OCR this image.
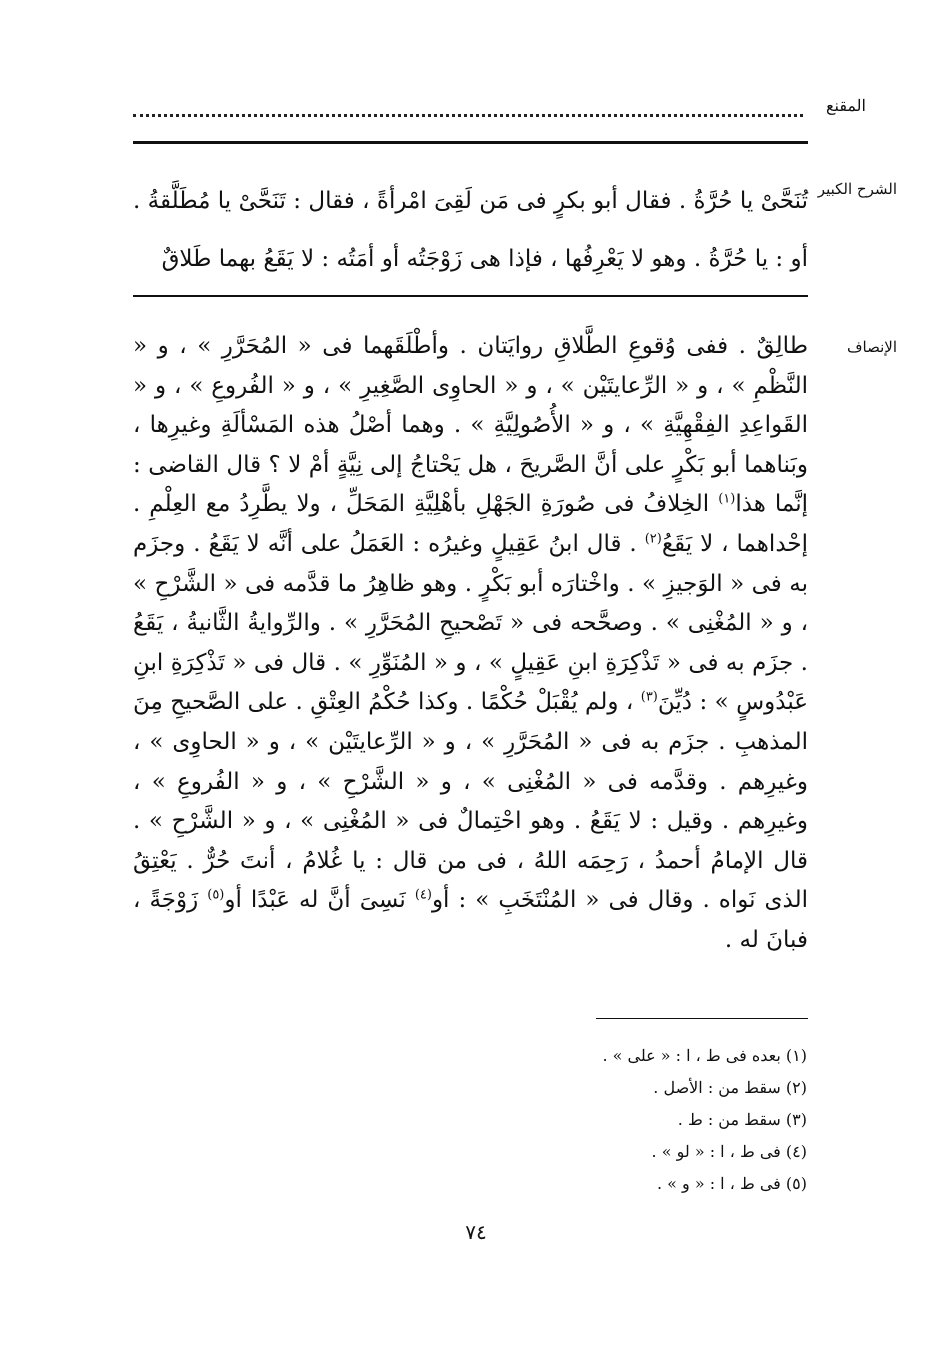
المقنع
الشرح الكبير

تُنَحَّىْ يا حُرَّةُ . فقال أبو بكرٍ فى مَن لَقِىَ امْرأةً ، فقال : تَنَحَّىْ يا مُطَلَّقةُ . أو : يا حُرَّةُ . وهو لا يَعْرِفُها ، فإذا هى زَوْجَتُه أو أمَتُه : لا يَقَعُ بهما طَلاقٌ

الإنصاف

طالِقٌ . ففى وُقوعِ الطَّلاقِ روايَتان . وأطْلَقَهما فى « المُحَرَّرِ » ، و « النَّظْمِ » ، و « الرِّعايتَيْن » ، و « الحاوِى الصَّغِيرِ » ، و « الفُروعِ » ، و « القَواعِدِ الفِقْهِيَّةِ » ، و « الأُصُولِيَّةِ » . وهما أصْلُ هذه المَسْألَةِ وغيرِها ، وبَناهما أبو بَكْرٍ على أنَّ الصَّريحَ ، هل يَحْتاجُ إلى نِيَّةٍ أمْ لا ؟ قال القاضى : إنَّما هذا$^{(١)}$ الخِلافُ فى صُورَةِ الجَهْلِ بأهْلِيَّةِ المَحَلِّ ، ولا يطَّرِدُ مع العِلْمِ . إحْداهما ، لا يَقَعُ$^{(٢)}$ . قال ابنُ عَقِيلٍ وغيرُه : العَمَلُ على أنَّه لا يَقَعُ . وجزَم به فى « الوَجيزِ » . واخْتارَه أبو بَكْرٍ . وهو ظاهِرُ ما قدَّمه فى « الشَّرْحِ » ، و « المُغْنِى » . وصحَّحه فى « تَصْحيحِ المُحَرَّرِ » . والرِّوايةُ الثَّانيةُ ، يَقَعُ . جزَم به فى « تَذْكِرَةِ ابنِ عَقِيلٍ » ، و « المُنَوِّرِ » . قال فى « تَذْكِرَةِ ابنِ عَبْدُوسٍ » : دُيِّنَ$^{(٣)}$ ، ولم يُقْبَلْ حُكْمًا . وكذا حُكْمُ العِتْقِ . على الصَّحيحِ مِنَ المذهبِ . جزَم به فى « المُحَرَّرِ » ، و « الرِّعايتَيْن » ، و « الحاوِى » ، وغيرِهم . وقدَّمه فى « المُغْنِى » ، و « الشَّرْحِ » ، و « الفُروعِ » ، وغيرِهم . وقيل : لا يَقَعُ . وهو احْتِمالٌ فى « المُغْنِى » ، و « الشَّرْحِ » . قال الإمامُ أحمدُ ، رَحِمَه اللهُ ، فى من قال : يا غُلامُ ، أنتَ حُرٌّ . يَعْتِقُ الذى نَواه . وقال فى « المُنْتَخَبِ » : أو$^{(٤)}$ نَسِىَ أنَّ له عَبْدًا أو$^{(٥)}$ زَوْجَةً ، فبانَ له .

(١) بعده فى ط ، ا : « على » .
(٢) سقط من : الأصل .
(٣) سقط من : ط .
(٤) فى ط ، ا : « لو » .
(٥) فى ط ، ا : « و » .
٧٤
